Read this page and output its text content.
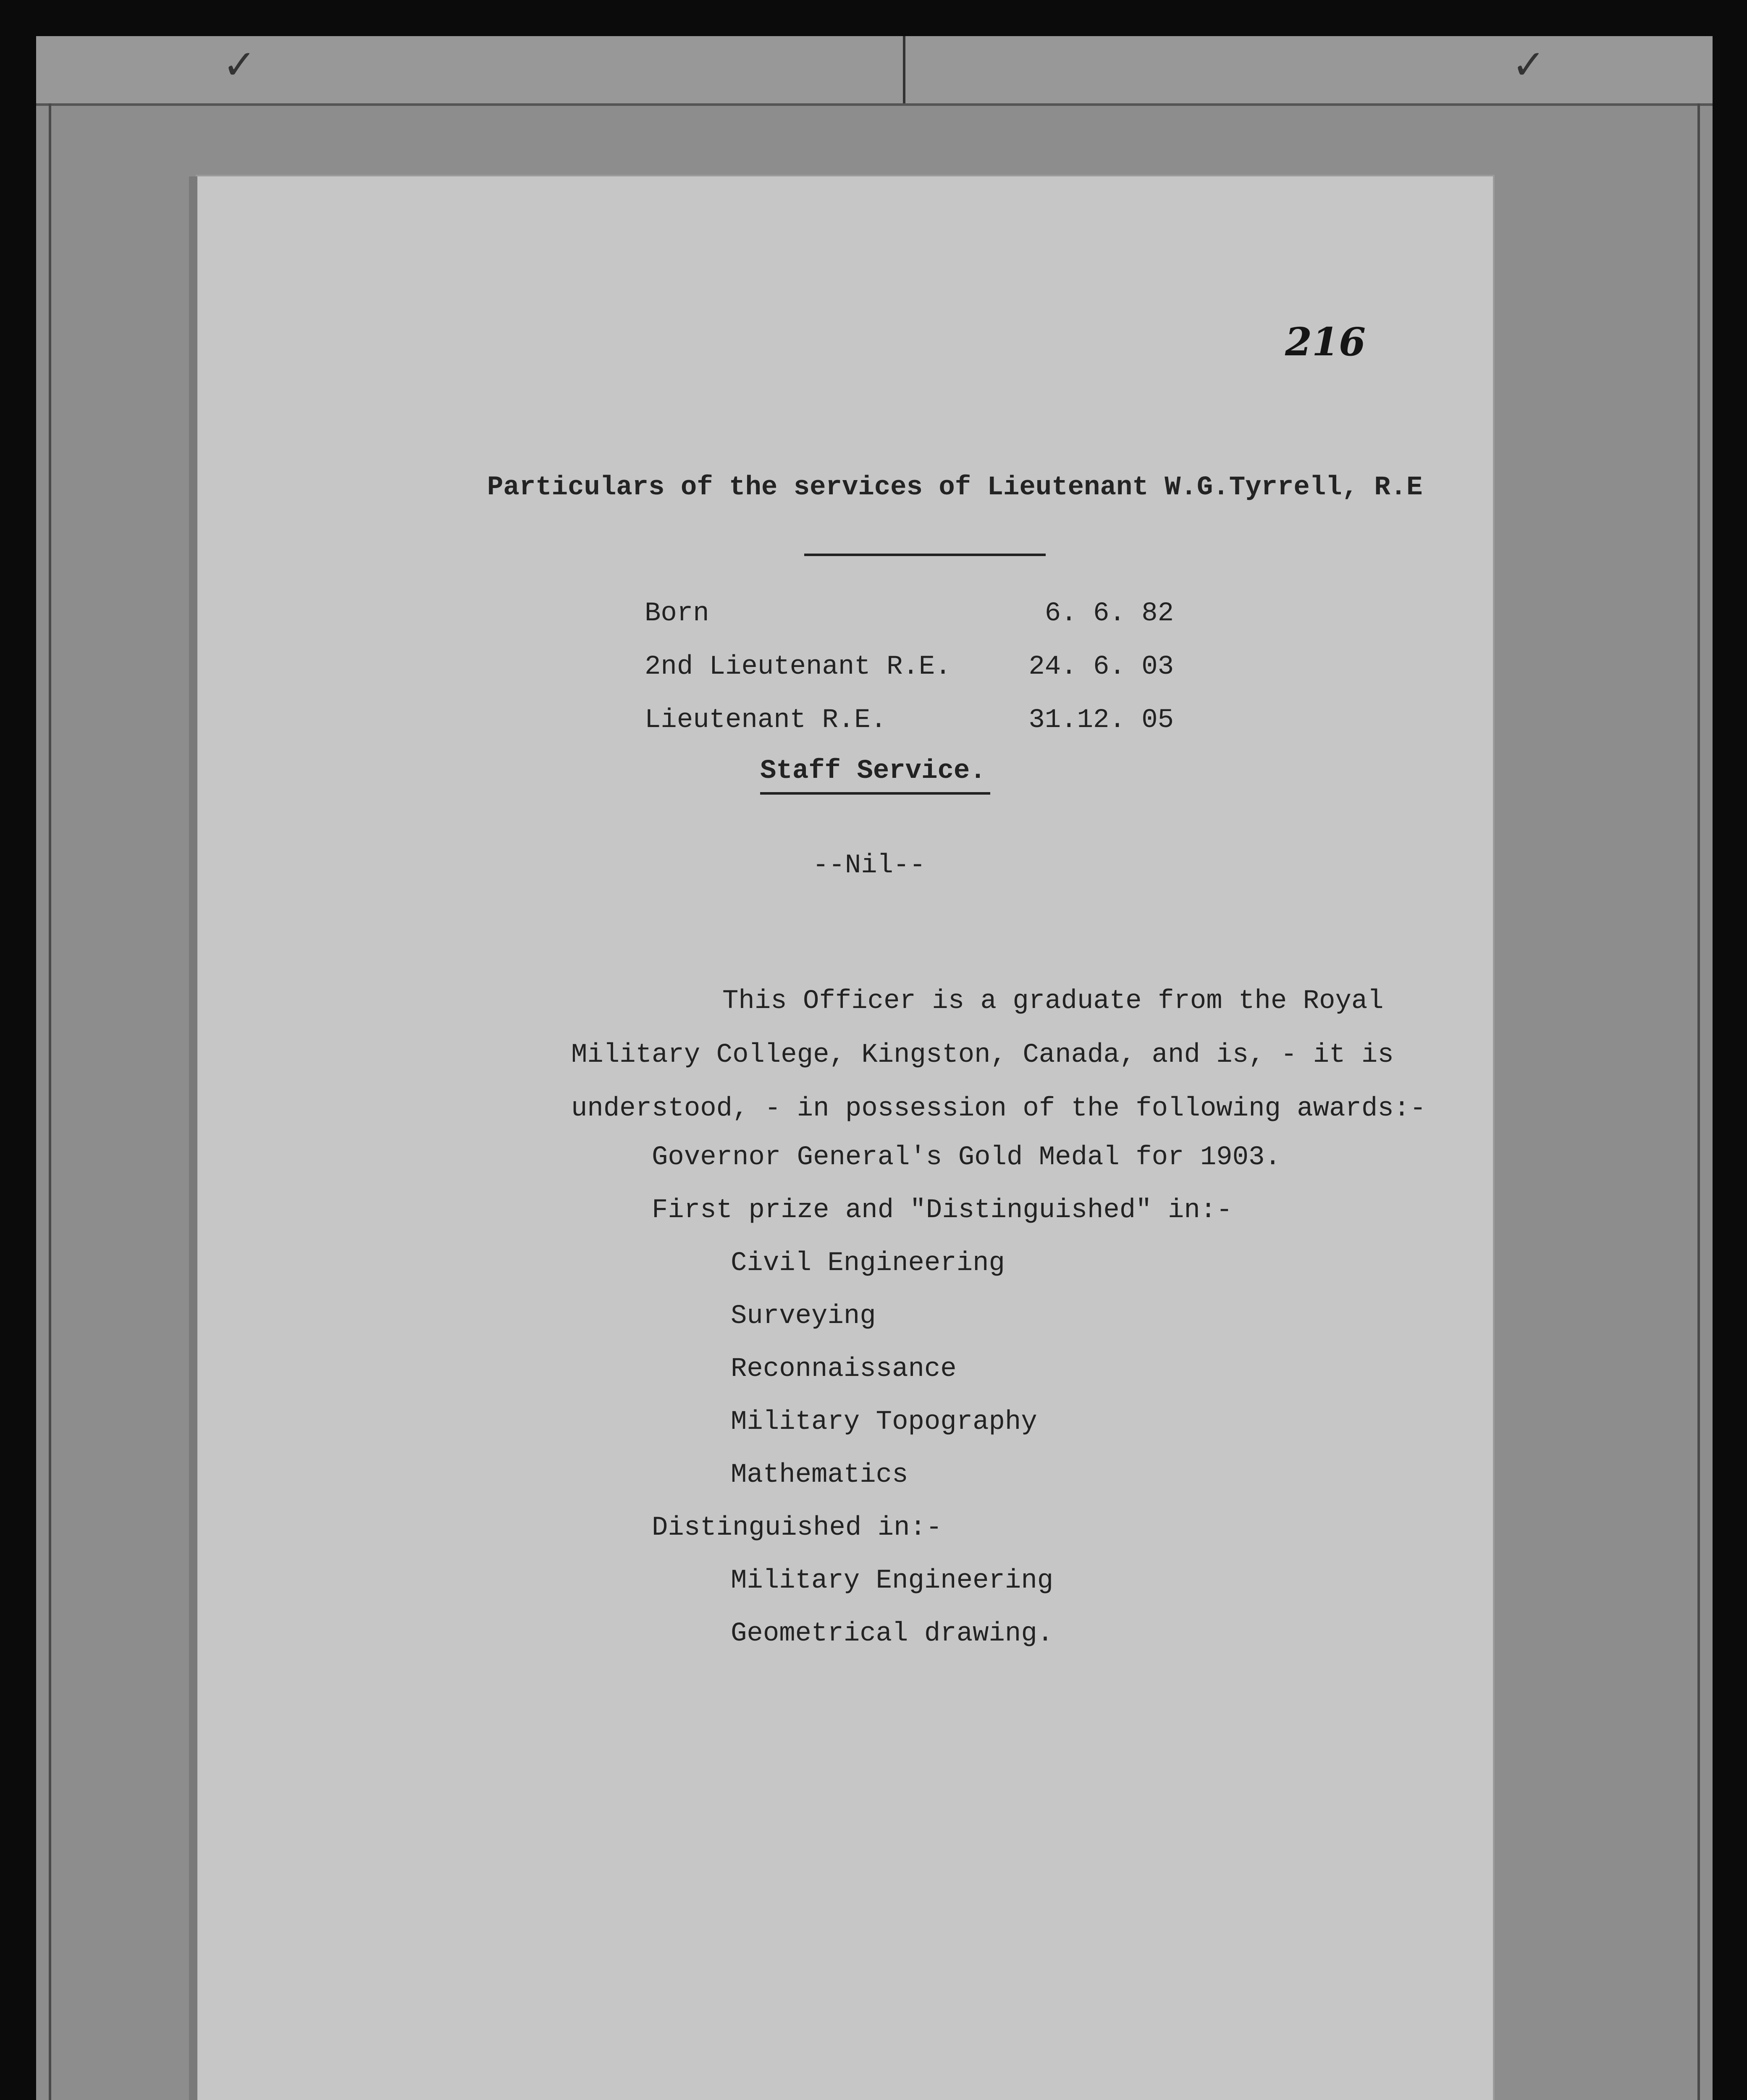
✓	✓
216
Particulars of the services of Lieutenant W.G.Tyrrell, R.E
Born	6. 6. 82
2nd Lieutenant R.E.	24. 6. 03
Lieutenant R.E.	31.12. 05
Staff Service.
--Nil--

This Officer is a graduate from the Royal
Military College, Kingston, Canada, and is, - it is
understood, - in possession of the following awards:-

Governor General's Gold Medal for 1903.
First prize and "Distinguished" in:-
Civil Engineering
Surveying
Reconnaissance
Military Topography
Mathematics
Distinguished in:-
Military Engineering
Geometrical drawing.
